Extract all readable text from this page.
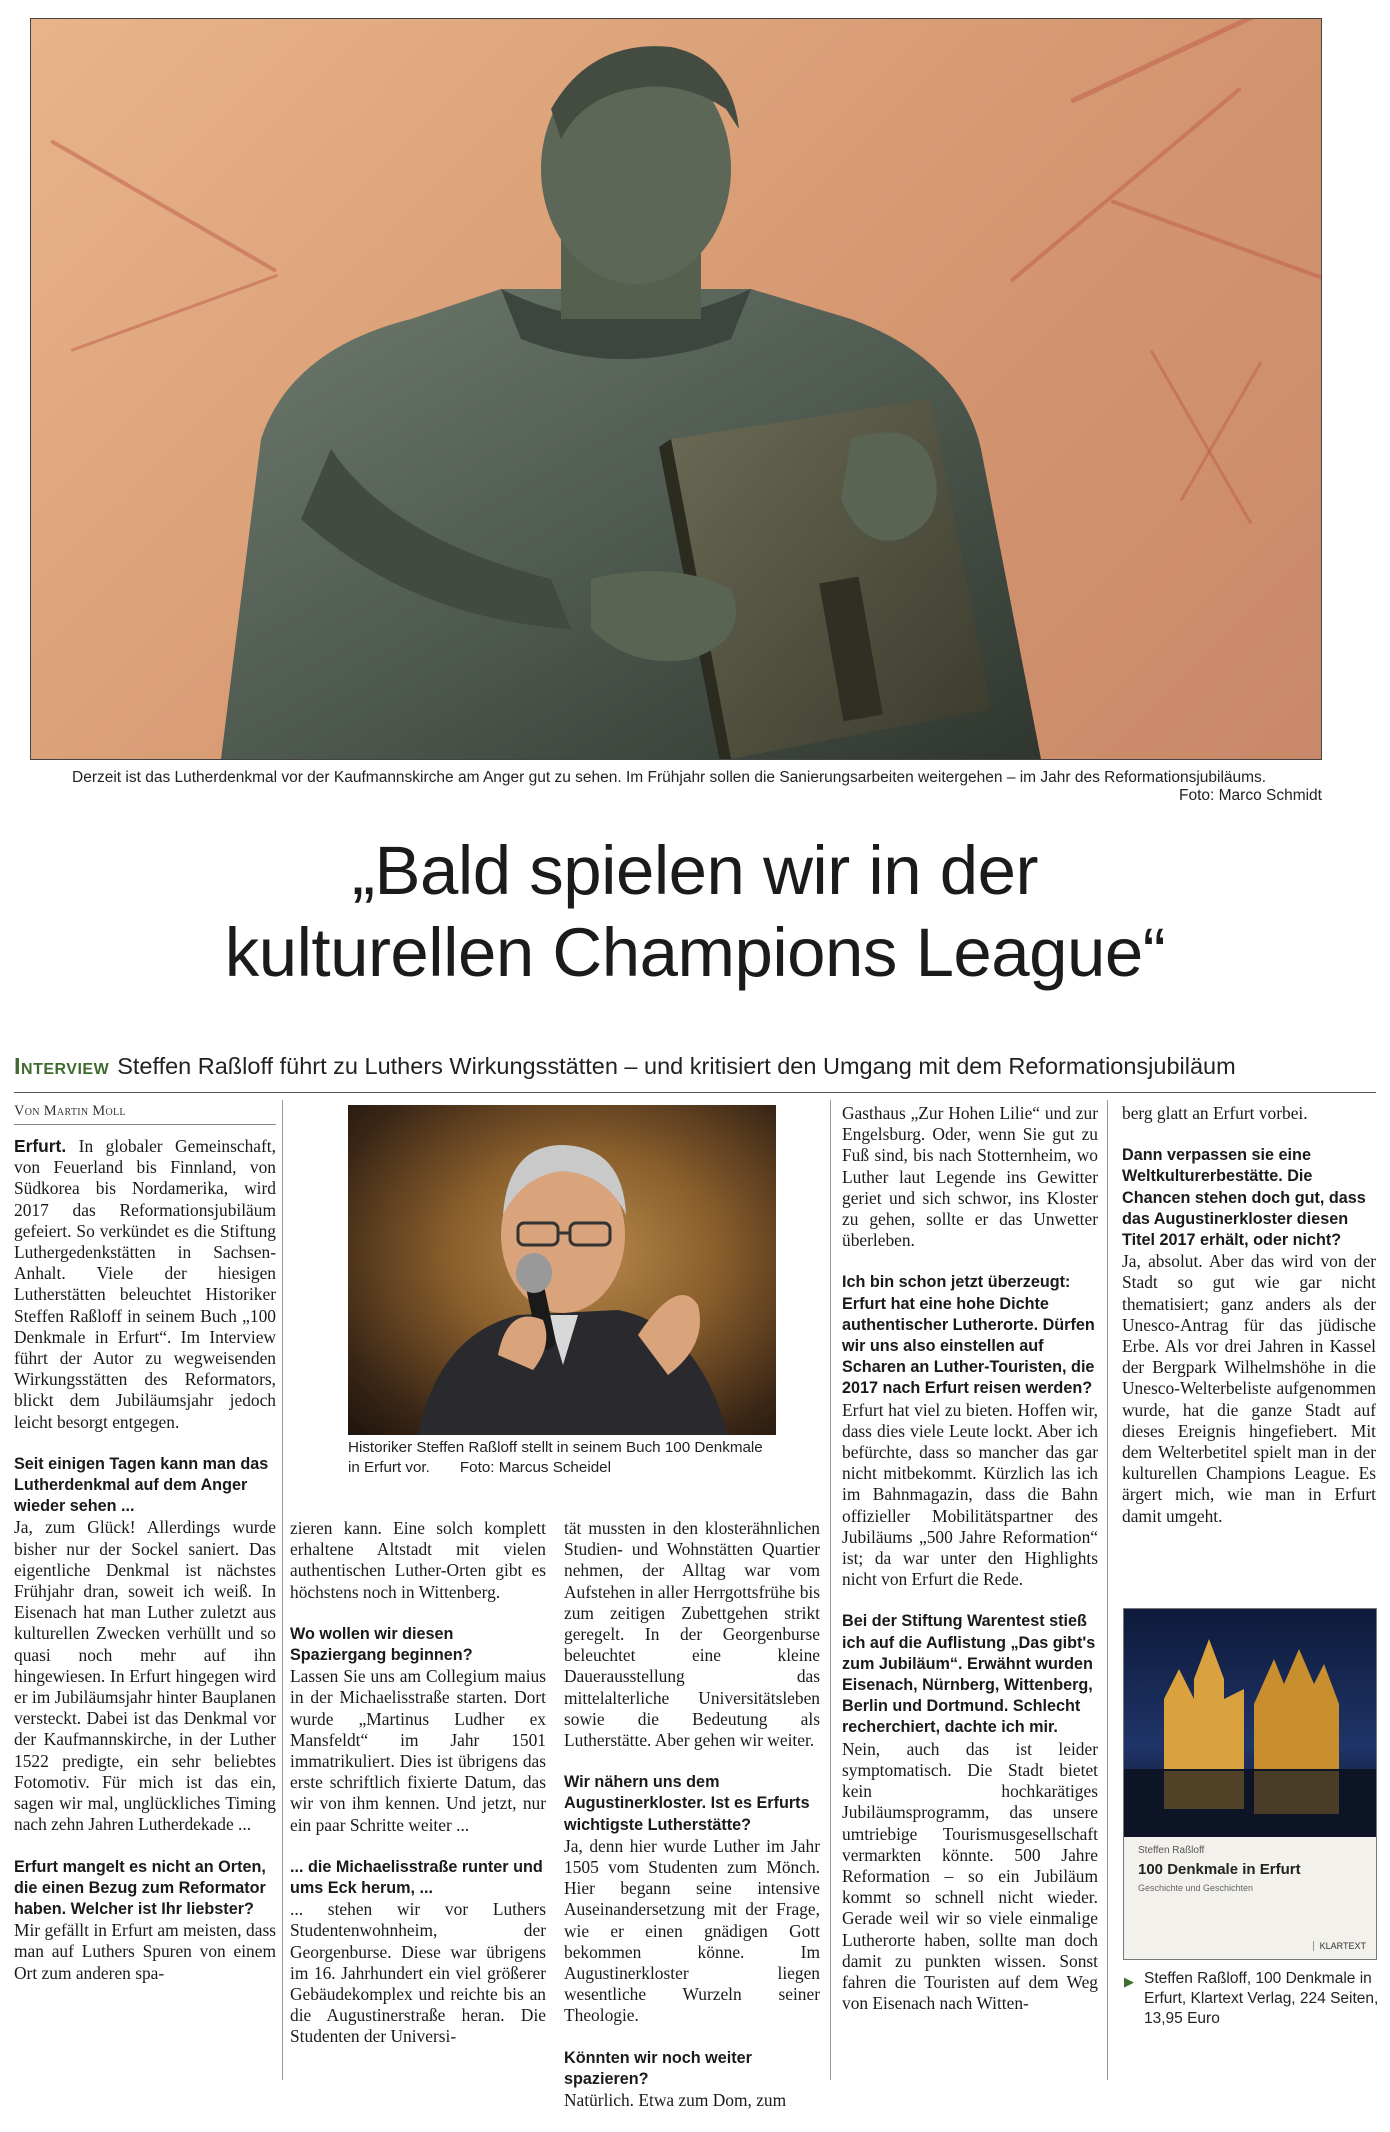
Derzeit ist das Lutherdenkmal vor der Kaufmannskirche am Anger gut zu sehen. Im Frühjahr sollen die Sanierungsarbeiten weitergehen – im Jahr des Reformationsjubiläums.
Foto: Marco Schmidt
„Bald spielen wir in der
kulturellen Champions League“
Interview Steffen Raßloff führt zu Luthers Wirkungsstätten – und kritisiert den Umgang mit dem Reformationsjubiläum
Von Martin Moll
Historiker Steffen Raßloff stellt in seinem Buch 100 Denkmale in Erfurt vor. Foto: Marcus Scheidel

Erfurt. In globaler Gemeinschaft, von Feuerland bis Finnland, von Südkorea bis Nordamerika, wird 2017 das Reformationsjubiläum gefeiert. So verkündet es die Stiftung Luthergedenkstätten in Sachsen-Anhalt. Viele der hiesigen Lutherstätten beleuchtet Historiker Steffen Raßloff in seinem Buch „100 Denkmale in Erfurt“. Im Interview führt der Autor zu wegweisenden Wirkungsstätten des Reformators, blickt dem Jubiläumsjahr jedoch leicht besorgt entgegen.

Seit einigen Tagen kann man das Lutherdenkmal auf dem Anger wieder sehen ...

Ja, zum Glück! Allerdings wurde bisher nur der Sockel saniert. Das eigentliche Denkmal ist nächstes Frühjahr dran, soweit ich weiß. In Eisenach hat man Luther zuletzt aus kulturellen Zwecken verhüllt und so quasi noch mehr auf ihn hingewiesen. In Erfurt hingegen wird er im Jubiläumsjahr hinter Bauplanen versteckt. Dabei ist das Denkmal vor der Kaufmannskirche, in der Luther 1522 predigte, ein sehr beliebtes Fotomotiv. Für mich ist das ein, sagen wir mal, unglückliches Timing nach zehn Jahren Lutherdekade ...

Erfurt mangelt es nicht an Orten, die einen Bezug zum Reformator haben. Welcher ist Ihr liebster?

Mir gefällt in Erfurt am meisten, dass man auf Luthers Spuren von einem Ort zum anderen spa-

zieren kann. Eine solch komplett erhaltene Altstadt mit vielen authentischen Luther-Orten gibt es höchstens noch in Wittenberg.

Wo wollen wir diesen Spaziergang beginnen?

Lassen Sie uns am Collegium maius in der Michaelisstraße starten. Dort wurde „Martinus Ludher ex Mansfeldt“ im Jahr 1501 immatrikuliert. Dies ist übrigens das erste schriftlich fixierte Datum, das wir von ihm kennen. Und jetzt, nur ein paar Schritte weiter ...

... die Michaelisstraße runter und ums Eck herum, ...

... stehen wir vor Luthers Studentenwohnheim, der Georgenburse. Diese war übrigens im 16. Jahrhundert ein viel größerer Gebäudekomplex und reichte bis an die Augustinerstraße heran. Die Studenten der Universi-

tät mussten in den klosterähnlichen Studien- und Wohnstätten Quartier nehmen, der Alltag war vom Aufstehen in aller Herrgottsfrühe bis zum zeitigen Zubettgehen strikt geregelt. In der Georgenburse beleuchtet eine kleine Dauerausstellung das mittelalterliche Universitätsleben sowie die Bedeutung als Lutherstätte. Aber gehen wir weiter.

Wir nähern uns dem Augustinerkloster. Ist es Erfurts wichtigste Lutherstätte?

Ja, denn hier wurde Luther im Jahr 1505 vom Studenten zum Mönch. Hier begann seine intensive Auseinandersetzung mit der Frage, wie er einen gnädigen Gott bekommen könne. Im Augustinerkloster liegen wesentliche Wurzeln seiner Theologie.

Könnten wir noch weiter spazieren?

Natürlich. Etwa zum Dom, zum

Gasthaus „Zur Hohen Lilie“ und zur Engelsburg. Oder, wenn Sie gut zu Fuß sind, bis nach Stotternheim, wo Luther laut Legende ins Gewitter geriet und sich schwor, ins Kloster zu gehen, sollte er das Unwetter überleben.

Ich bin schon jetzt überzeugt: Erfurt hat eine hohe Dichte authentischer Lutherorte. Dürfen wir uns also einstellen auf Scharen an Luther-Touristen, die 2017 nach Erfurt reisen werden?

Erfurt hat viel zu bieten. Hoffen wir, dass dies viele Leute lockt. Aber ich befürchte, dass so mancher das gar nicht mitbekommt. Kürzlich las ich im Bahnmagazin, dass die Bahn offizieller Mobilitätspartner des Jubiläums „500 Jahre Reformation“ ist; da war unter den Highlights nicht von Erfurt die Rede.

Bei der Stiftung Warentest stieß ich auf die Auflistung „Das gibt's zum Jubiläum“. Erwähnt wurden Eisenach, Nürnberg, Wittenberg, Berlin und Dortmund. Schlecht recherchiert, dachte ich mir.

Nein, auch das ist leider symptomatisch. Die Stadt bietet kein hochkarätiges Jubiläumsprogramm, das unsere umtriebige Tourismusgesellschaft vermarkten könnte. 500 Jahre Reformation – so ein Jubiläum kommt so schnell nicht wieder. Gerade weil wir so viele einmalige Lutherorte haben, sollte man doch damit zu punkten wissen. Sonst fahren die Touristen auf dem Weg von Eisenach nach Witten-

berg glatt an Erfurt vorbei.

Dann verpassen sie eine Weltkulturerbestätte. Die Chancen stehen doch gut, dass das Augustinerkloster diesen Titel 2017 erhält, oder nicht?

Ja, absolut. Aber das wird von der Stadt so gut wie gar nicht thematisiert; ganz anders als der Unesco-Antrag für das jüdische Erbe. Als vor drei Jahren in Kassel der Bergpark Wilhelmshöhe in die Unesco-Welterbeliste aufgenommen wurde, hat die ganze Stadt auf dieses Ereignis hingefiebert. Mit dem Welterbetitel spielt man in der kulturellen Champions League. Es ärgert mich, wie man in Erfurt damit umgeht.

Steffen Raßloff
100 Denkmale in Erfurt
Geschichte und Geschichten
KLARTEXT
▶ Steffen Raßloff, 100 Denkmale in Erfurt, Klartext Verlag, 224 Seiten, 13,95 Euro
